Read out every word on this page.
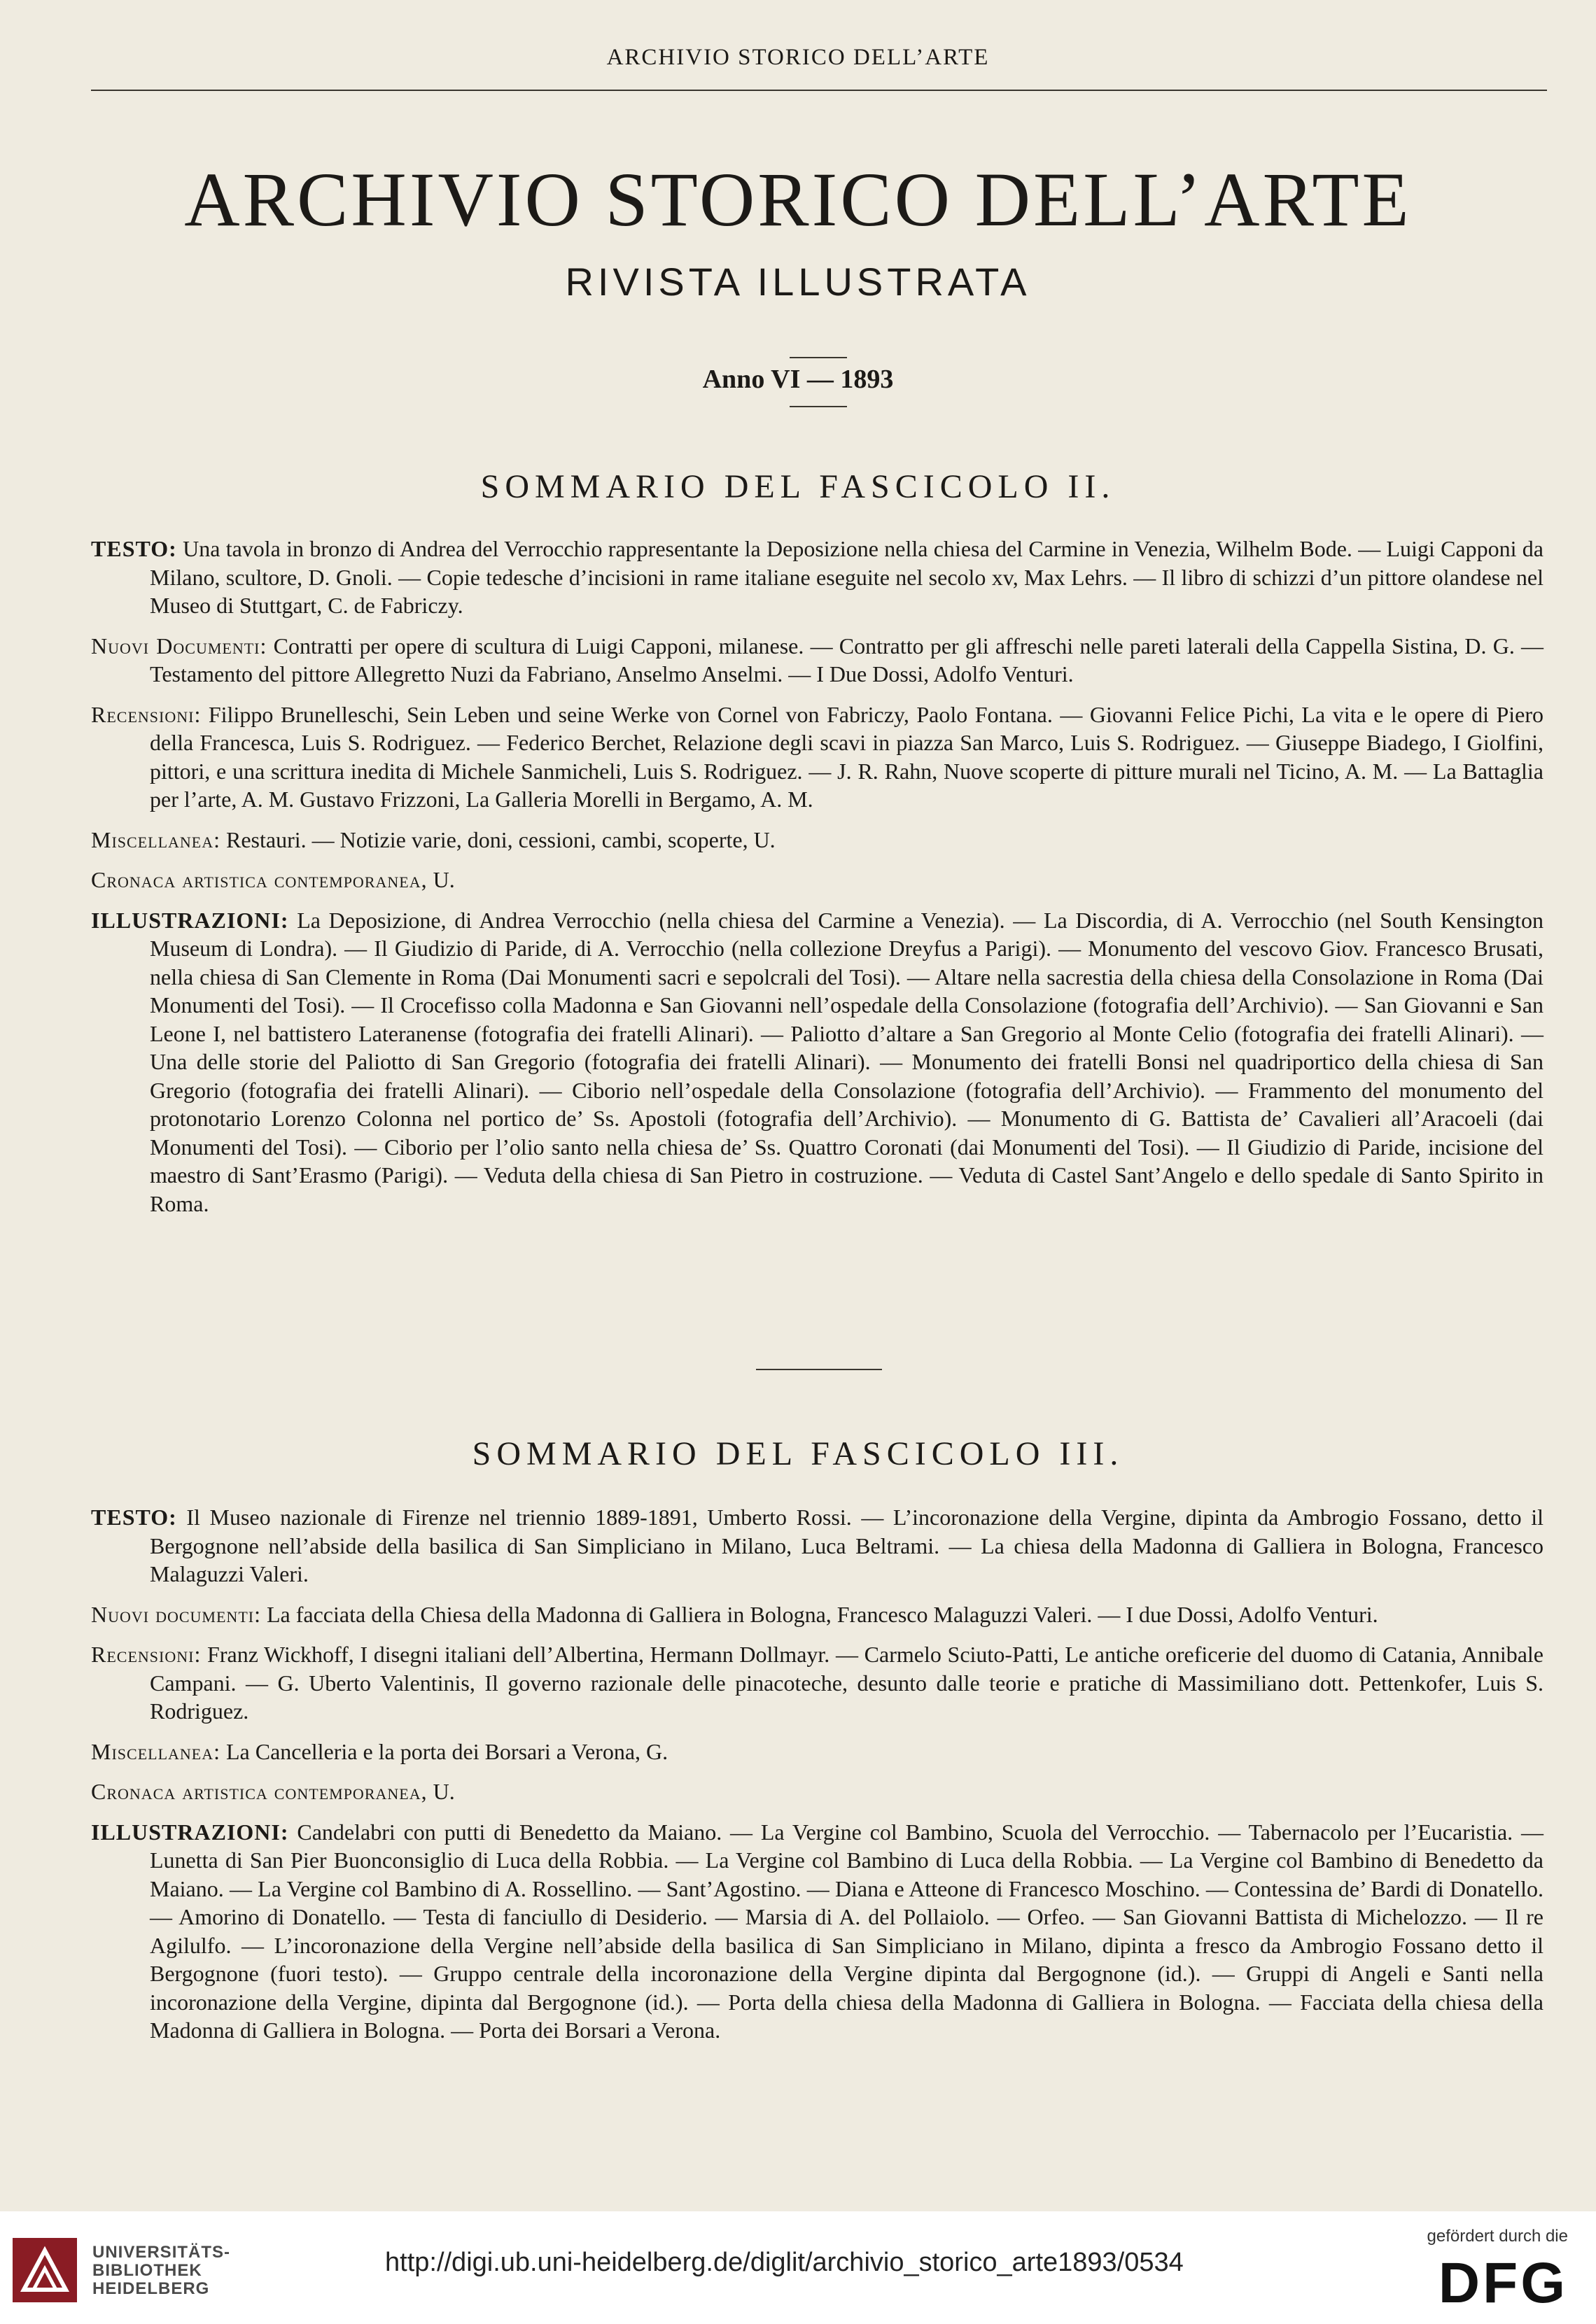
ARCHIVIO STORICO DELL’ARTE
ARCHIVIO STORICO DELL’ARTE
RIVISTA ILLUSTRATA
Anno VI — 1893
SOMMARIO DEL FASCICOLO II.

TESTO: Una tavola in bronzo di Andrea del Verrocchio rappresentante la Deposizione nella chiesa del Carmine in Venezia, Wilhelm Bode. — Luigi Capponi da Milano, scultore, D. Gnoli. — Copie tedesche d’incisioni in rame italiane eseguite nel secolo xv, Max Lehrs. — Il libro di schizzi d’un pittore olandese nel Museo di Stuttgart, C. de Fabriczy.

Nuovi Documenti: Contratti per opere di scultura di Luigi Capponi, milanese. — Contratto per gli affreschi nelle pareti laterali della Cappella Sistina, D. G. — Testamento del pittore Allegretto Nuzi da Fabriano, Anselmo Anselmi. — I Due Dossi, Adolfo Venturi.

Recensioni: Filippo Brunelleschi, Sein Leben und seine Werke von Cornel von Fabriczy, Paolo Fontana. — Giovanni Felice Pichi, La vita e le opere di Piero della Francesca, Luis S. Rodriguez. — Federico Berchet, Relazione degli scavi in piazza San Marco, Luis S. Rodriguez. — Giuseppe Biadego, I Giolfini, pittori, e una scrittura inedita di Michele Sanmicheli, Luis S. Rodriguez. — J. R. Rahn, Nuove scoperte di pitture murali nel Ticino, A. M. — La Battaglia per l’arte, A. M. Gustavo Frizzoni, La Galleria Morelli in Bergamo, A. M.

Miscellanea: Restauri. — Notizie varie, doni, cessioni, cambi, scoperte, U.

Cronaca artistica contemporanea, U.

ILLUSTRAZIONI: La Deposizione, di Andrea Verrocchio (nella chiesa del Carmine a Venezia). — La Discordia, di A. Verrocchio (nel South Kensington Museum di Londra). — Il Giudizio di Paride, di A. Verrocchio (nella collezione Dreyfus a Parigi). — Monumento del vescovo Giov. Francesco Brusati, nella chiesa di San Clemente in Roma (Dai Monumenti sacri e sepolcrali del Tosi). — Altare nella sacrestia della chiesa della Consolazione in Roma (Dai Monumenti del Tosi). — Il Crocefisso colla Madonna e San Giovanni nell’ospedale della Consolazione (fotografia dell’Archivio). — San Giovanni e San Leone I, nel battistero Lateranense (fotografia dei fratelli Alinari). — Paliotto d’altare a San Gregorio al Monte Celio (fotografia dei fratelli Alinari). — Una delle storie del Paliotto di San Gregorio (fotografia dei fratelli Alinari). — Monumento dei fratelli Bonsi nel quadriportico della chiesa di San Gregorio (fotografia dei fratelli Alinari). — Ciborio nell’ospedale della Consolazione (fotografia dell’Archivio). — Frammento del monumento del protonotario Lorenzo Colonna nel portico de’ Ss. Apostoli (fotografia dell’Archivio). — Monumento di G. Battista de’ Cavalieri all’Aracoeli (dai Monumenti del Tosi). — Ciborio per l’olio santo nella chiesa de’ Ss. Quattro Coronati (dai Monumenti del Tosi). — Il Giudizio di Paride, incisione del maestro di Sant’Erasmo (Parigi). — Veduta della chiesa di San Pietro in costruzione. — Veduta di Castel Sant’Angelo e dello spedale di Santo Spirito in Roma.

SOMMARIO DEL FASCICOLO III.

TESTO: Il Museo nazionale di Firenze nel triennio 1889-1891, Umberto Rossi. — L’incoronazione della Vergine, dipinta da Ambrogio Fossano, detto il Bergognone nell’abside della basilica di San Simpliciano in Milano, Luca Beltrami. — La chiesa della Madonna di Galliera in Bologna, Francesco Malaguzzi Valeri.

Nuovi documenti: La facciata della Chiesa della Madonna di Galliera in Bologna, Francesco Malaguzzi Valeri. — I due Dossi, Adolfo Venturi.

Recensioni: Franz Wickhoff, I disegni italiani dell’Albertina, Hermann Dollmayr. — Carmelo Sciuto-Patti, Le antiche oreficerie del duomo di Catania, Annibale Campani. — G. Uberto Valentinis, Il governo razionale delle pinacoteche, desunto dalle teorie e pratiche di Massimiliano dott. Pettenkofer, Luis S. Rodriguez.

Miscellanea: La Cancelleria e la porta dei Borsari a Verona, G.

Cronaca artistica contemporanea, U.

ILLUSTRAZIONI: Candelabri con putti di Benedetto da Maiano. — La Vergine col Bambino, Scuola del Verrocchio. — Tabernacolo per l’Eucaristia. — Lunetta di San Pier Buonconsiglio di Luca della Robbia. — La Vergine col Bambino di Luca della Robbia. — La Vergine col Bambino di Benedetto da Maiano. — La Vergine col Bambino di A. Rossellino. — Sant’Agostino. — Diana e Atteone di Francesco Moschino. — Contessina de’ Bardi di Donatello. — Amorino di Donatello. — Testa di fanciullo di Desiderio. — Marsia di A. del Pollaiolo. — Orfeo. — San Giovanni Battista di Michelozzo. — Il re Agilulfo. — L’incoronazione della Vergine nell’abside della basilica di San Simpliciano in Milano, dipinta a fresco da Ambrogio Fossano detto il Bergognone (fuori testo). — Gruppo centrale della incoronazione della Vergine dipinta dal Bergognone (id.). — Gruppi di Angeli e Santi nella incoronazione della Vergine, dipinta dal Bergognone (id.). — Porta della chiesa della Madonna di Galliera in Bologna. — Facciata della chiesa della Madonna di Galliera in Bologna. — Porta dei Borsari a Verona.

UNIVERSITÄTS-
BIBLIOTHEK
HEIDELBERG
http://digi.ub.uni-heidelberg.de/diglit/archivio_storico_arte1893/0534
gefördert durch die
DFG
